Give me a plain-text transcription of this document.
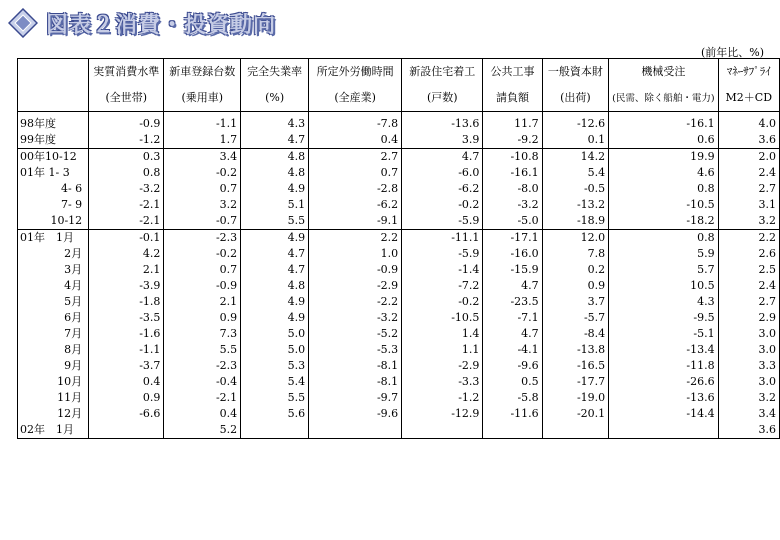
図表２消費・投資動向
(前年比、%)
	実質消費水準	新車登録台数	完全失業率	所定外労働時間	新設住宅着工	公共工事	一般資本財	機械受注	ﾏﾈｰｻﾌﾟﾗｲ
	(全世帯)	(乗用車)	(%)	(全産業)	(戸数)	請負額	(出荷)	(民需、除く船舶・電力)	M2＋CD
98年度	-0.9	-1.1	4.3	-7.8	-13.6	11.7	-12.6	-16.1	4.0
99年度	-1.2	1.7	4.7	0.4	3.9	-9.2	0.1	0.6	3.6
00年10-12	0.3	3.4	4.8	2.7	4.7	-10.8	14.2	19.9	2.0
01年 1- 3	0.8	-0.2	4.8	0.7	-6.0	-16.1	5.4	4.6	2.4
4- 6	-3.2	0.7	4.9	-2.8	-6.2	-8.0	-0.5	0.8	2.7
7- 9	-2.1	3.2	5.1	-6.2	-0.2	-3.2	-13.2	-10.5	3.1
10-12	-2.1	-0.7	5.5	-9.1	-5.9	-5.0	-18.9	-18.2	3.2
01年　1月	-0.1	-2.3	4.9	2.2	-11.1	-17.1	12.0	0.8	2.2
2月	4.2	-0.2	4.7	1.0	-5.9	-16.0	7.8	5.9	2.6
3月	2.1	0.7	4.7	-0.9	-1.4	-15.9	0.2	5.7	2.5
4月	-3.9	-0.9	4.8	-2.9	-7.2	4.7	0.9	10.5	2.4
5月	-1.8	2.1	4.9	-2.2	-0.2	-23.5	3.7	4.3	2.7
6月	-3.5	0.9	4.9	-3.2	-10.5	-7.1	-5.7	-9.5	2.9
7月	-1.6	7.3	5.0	-5.2	1.4	4.7	-8.4	-5.1	3.0
8月	-1.1	5.5	5.0	-5.3	1.1	-4.1	-13.8	-13.4	3.0
9月	-3.7	-2.3	5.3	-8.1	-2.9	-9.6	-16.5	-11.8	3.3
10月	0.4	-0.4	5.4	-8.1	-3.3	0.5	-17.7	-26.6	3.0
11月	0.9	-2.1	5.5	-9.7	-1.2	-5.8	-19.0	-13.6	3.2
12月	-6.6	0.4	5.6	-9.6	-12.9	-11.6	-20.1	-14.4	3.4
02年　1月		5.2							3.6
